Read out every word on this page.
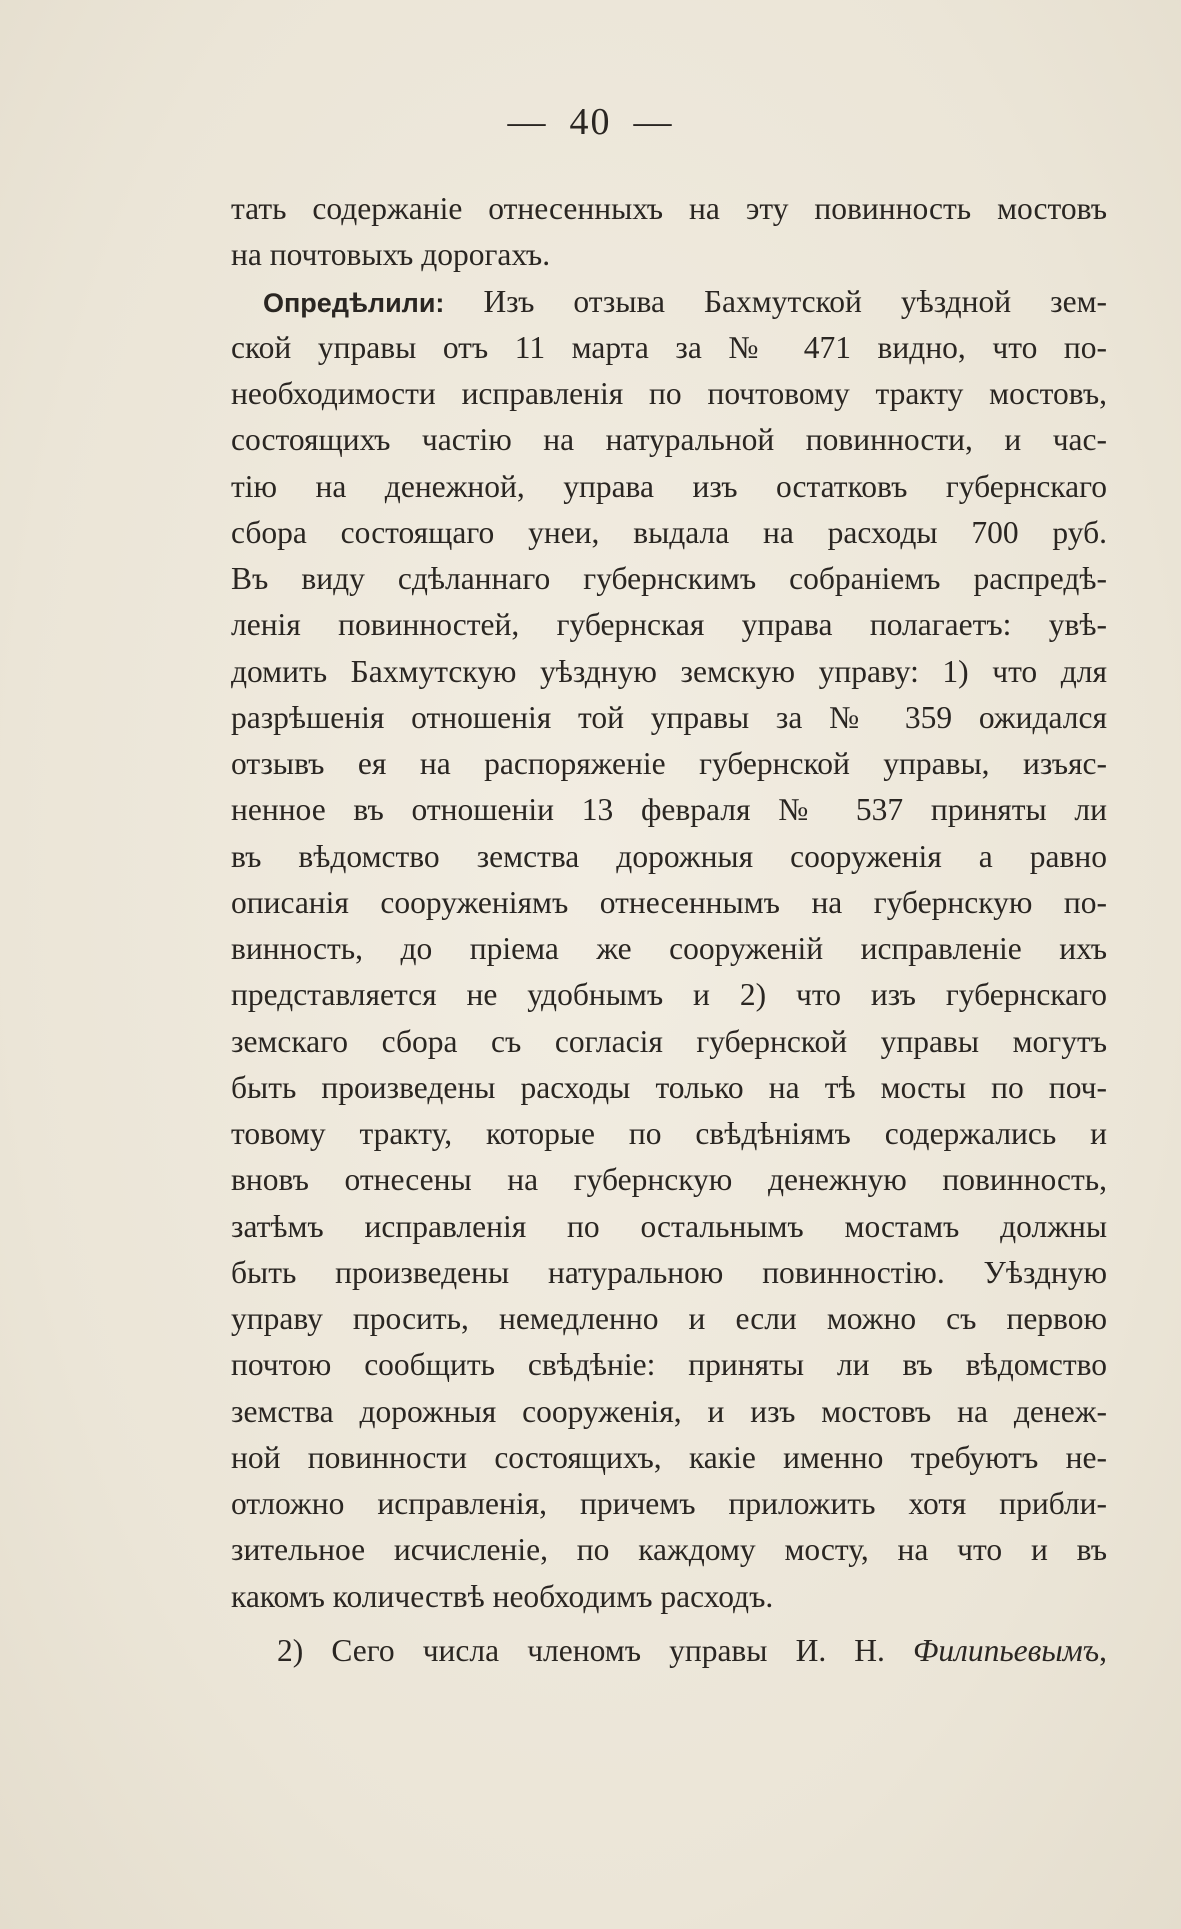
— 40 —
тать содержаніе отнесенныхъ на эту повинность мостовъ
на почтовыхъ дорогахъ.
Опредѣлили: Изъ отзыва Бахмутской уѣздной зем-
ской управы отъ 11 марта за № 471 видно, что по-
необходимости исправленія по почтовому тракту мостовъ,
состоящихъ частію на натуральной повинности, и час-
тію на денежной, управа изъ остатковъ губернскаго
сбора состоящаго унеи, выдала на расходы 700 руб.
Въ виду сдѣланнаго губернскимъ собраніемъ распредѣ-
ленія повинностей, губернская управа полагаетъ: увѣ-
домить Бахмутскую уѣздную земскую управу: 1) что для
разрѣшенія отношенія той управы за № 359 ожидался
отзывъ ея на распоряженіе губернской управы, изъяс-
ненное въ отношеніи 13 февраля № 537 приняты ли
въ вѣдомство земства дорожныя сооруженія а равно
описанія сооруженіямъ отнесеннымъ на губернскую по-
винность, до пріема же сооруженій исправленіе ихъ
представляется не удобнымъ и 2) что изъ губернскаго
земскаго сбора съ согласія губернской управы могутъ
быть произведены расходы только на тѣ мосты по поч-
товому тракту, которые по свѣдѣніямъ содержались и
вновъ отнесены на губернскую денежную повинность,
затѣмъ исправленія по остальнымъ мостамъ должны
быть произведены натуральною повинностію. Уѣздную
управу просить, немедленно и если можно съ первою
почтою сообщить свѣдѣніе: приняты ли въ вѣдомство
земства дорожныя сооруженія, и изъ мостовъ на денеж-
ной повинности состоящихъ, какіе именно требуютъ не-
отложно исправленія, причемъ приложить хотя прибли-
зительное исчисленіе, по каждому мосту, на что и въ
какомъ количествѣ необходимъ расходъ.
2) Сего числа членомъ управы И. Н. Филипьевымъ,
